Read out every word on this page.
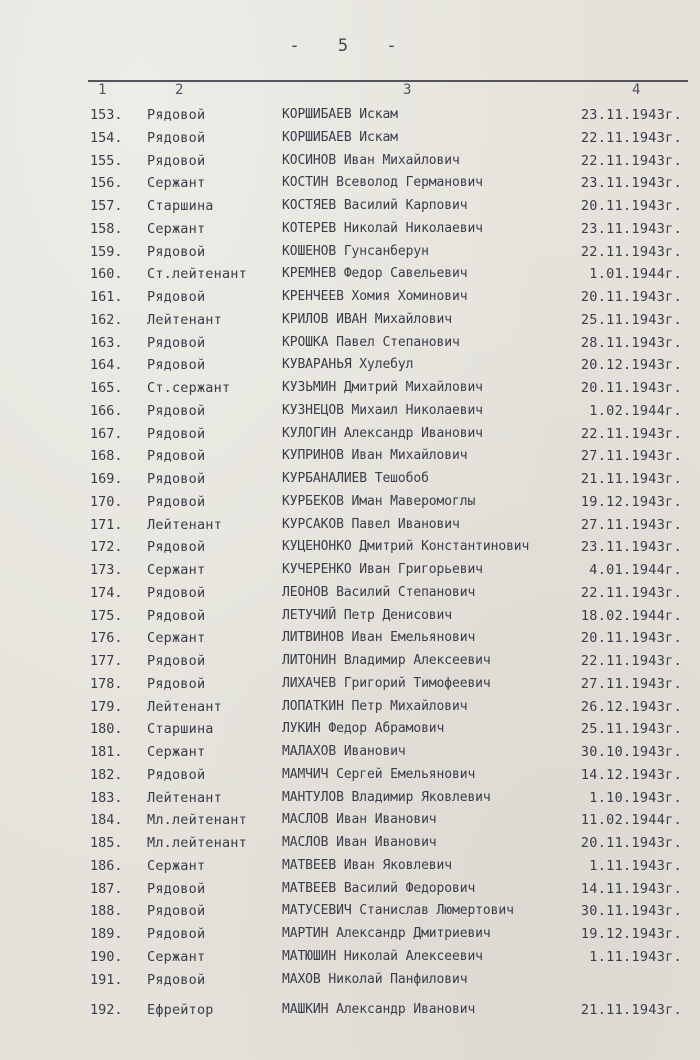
- 5 -
1	2	3	4
153. Рядовой	КОРШИБАЕВ Искам	23.11.1943г.
154. Рядовой	КОРШИБАЕВ Искам	22.11.1943г.
155. Рядовой	КОСИНОВ Иван Михайлович	22.11.1943г.
156. Сержант	КОСТИН Всеволод Германович	23.11.1943г.
157. Старшина	КОСТЯЕВ Василий Карпович	20.11.1943г.
158. Сержант	КОТЕРЕВ Николай Николаевич	23.11.1943г.
159. Рядовой	КОШЕНОВ Гунсанберун	22.11.1943г.
160. Ст.лейтенант	КРЕМНЕВ Федор Савельевич	1.01.1944г.
161. Рядовой	КРЕНЧЕЕВ Хомия Хоминович	20.11.1943г.
162. Лейтенант	КРИЛОВ ИВАН Михайлович	25.11.1943г.
163. Рядовой	КРОШКА Павел Степанович	28.11.1943г.
164. Рядовой	КУВАРАНЬЯ Хулебул	20.12.1943г.
165. Ст.сержант	КУЗЬМИН Дмитрий Михайлович	20.11.1943г.
166. Рядовой	КУЗНЕЦОВ Михаил Николаевич	1.02.1944г.
167. Рядовой	КУЛОГИН Александр Иванович	22.11.1943г.
168. Рядовой	КУПРИНОВ Иван Михайлович	27.11.1943г.
169. Рядовой	КУРБАНАЛИЕВ Тешобоб	21.11.1943г.
170. Рядовой	КУРБЕКОВ Иман Маверомоглы	19.12.1943г.
171. Лейтенант	КУРСАКОВ Павел Иванович	27.11.1943г.
172. Рядовой	КУЦЕНОНКО Дмитрий Константинович	23.11.1943г.
173. Сержант	КУЧЕРЕНКО Иван Григорьевич	4.01.1944г.
174. Рядовой	ЛЕОНОВ Василий Степанович	22.11.1943г.
175. Рядовой	ЛЕТУЧИЙ Петр Денисович	18.02.1944г.
176. Сержант	ЛИТВИНОВ Иван Емельянович	20.11.1943г.
177. Рядовой	ЛИТОНИН Владимир Алексеевич	22.11.1943г.
178. Рядовой	ЛИХАЧЕВ Григорий Тимофеевич	27.11.1943г.
179. Лейтенант	ЛОПАТКИН Петр Михайлович	26.12.1943г.
180. Старшина	ЛУКИН Федор Абрамович	25.11.1943г.
181. Сержант	МАЛАХОВ Иванович	30.10.1943г.
182. Рядовой	МАМЧИЧ Сергей Емельянович	14.12.1943г.
183. Лейтенант	МАНТУЛОВ Владимир Яковлевич	1.10.1943г.
184. Мл.лейтенант	МАСЛОВ Иван Иванович	11.02.1944г.
185. Мл.лейтенант	МАСЛОВ Иван Иванович	20.11.1943г.
186. Сержант	МАТВЕЕВ Иван Яковлевич	1.11.1943г.
187. Рядовой	МАТВЕЕВ Василий Федорович	14.11.1943г.
188. Рядовой	МАТУСЕВИЧ Станислав Люмертович	30.11.1943г.
189. Рядовой	МАРТИН Александр Дмитриевич	19.12.1943г.
190. Сержант	МАТЮШИН Николай Алексеевич	1.11.1943г.
191. Рядовой	МАХОВ Николай Панфилович
192. Ефрейтор	МАШКИН Александр Иванович	21.11.1943г.
